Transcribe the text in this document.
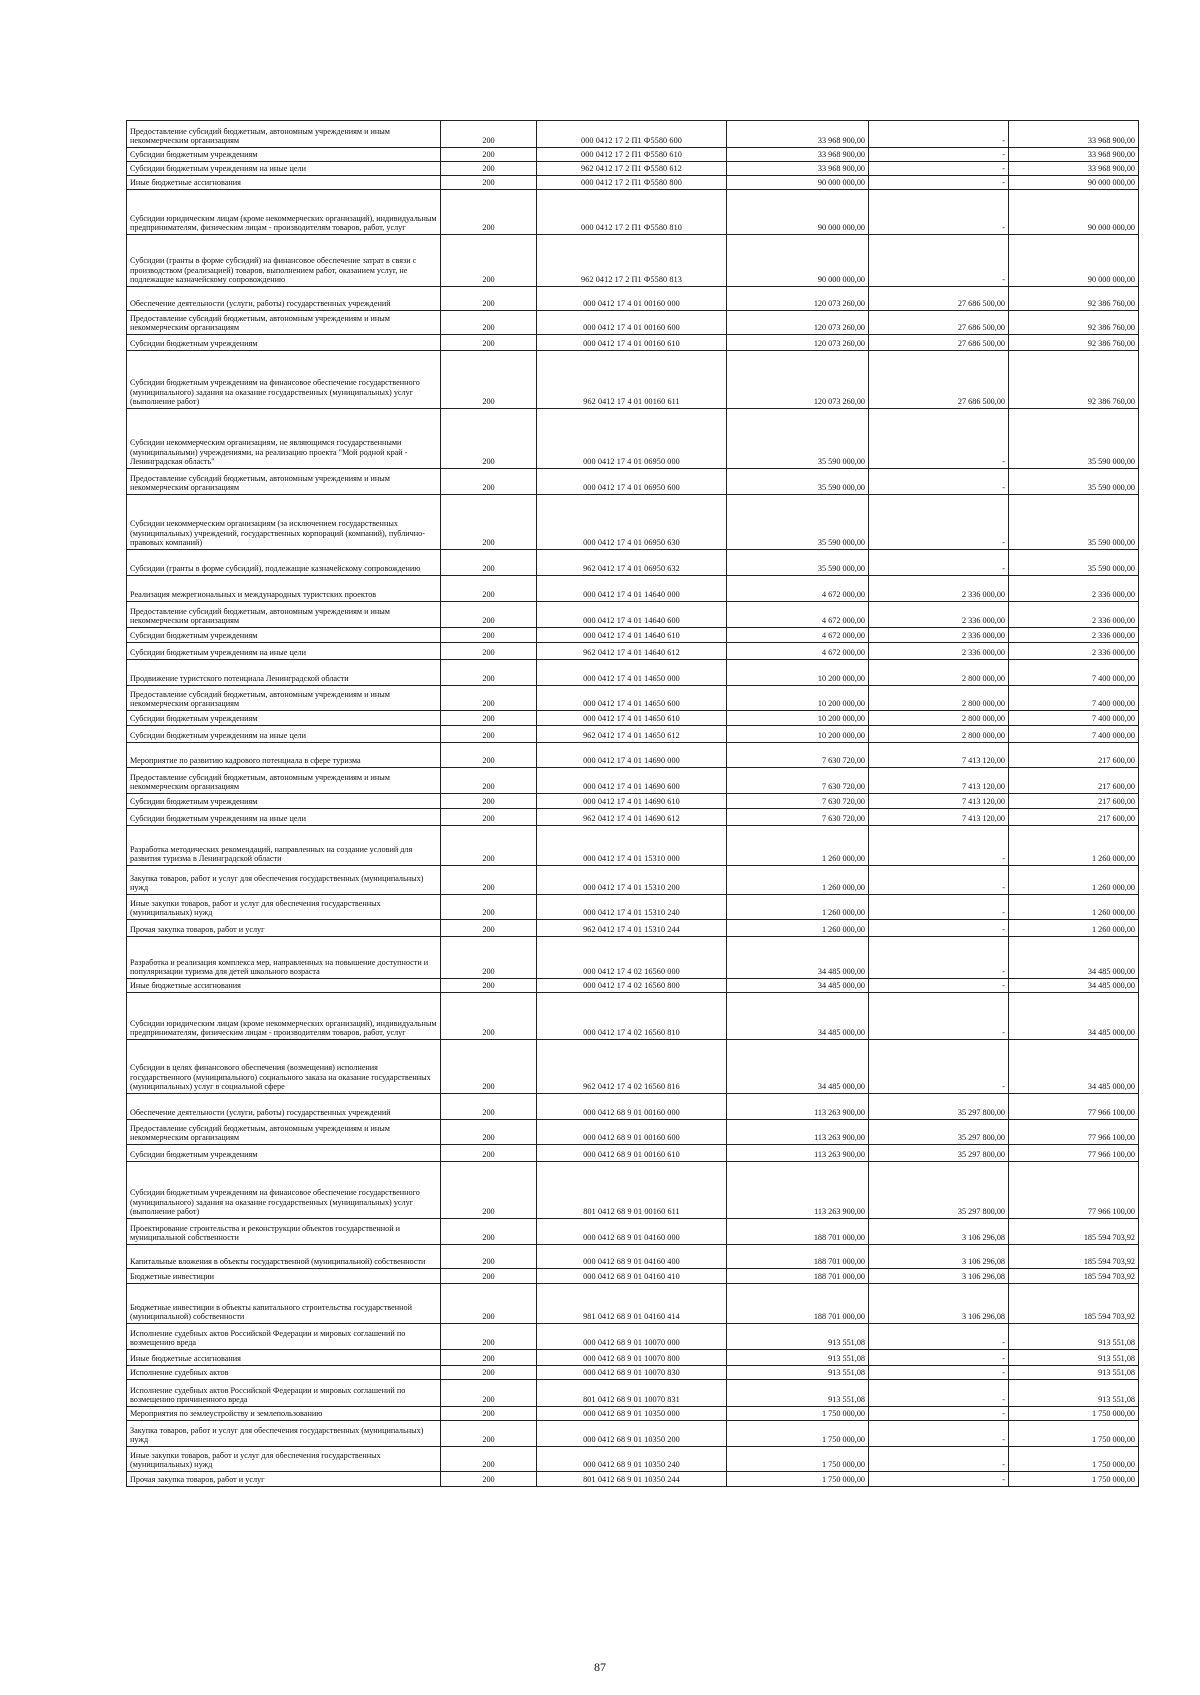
Предоставление субсидий бюджетным, автономным учреждениям и иным некоммерческим организациям	200	000 0412 17 2 П1 Ф5580 600	33 968 900,00	-	33 968 900,00
Субсидии бюджетным учреждениям	200	000 0412 17 2 П1 Ф5580 610	33 968 900,00	-	33 968 900,00
Субсидии бюджетным учреждениям на иные цели	200	962 0412 17 2 П1 Ф5580 612	33 968 900,00	-	33 968 900,00
Иные бюджетные ассигнования	200	000 0412 17 2 П1 Ф5580 800	90 000 000,00	-	90 000 000,00
Субсидии юридическим лицам (кроме некоммерческих организаций), индивидуальным предпринимателям, физическим лицам - производителям товаров, работ, услуг	200	000 0412 17 2 П1 Ф5580 810	90 000 000,00	-	90 000 000,00
Субсидии (гранты в форме субсидий) на финансовое обеспечение затрат в связи с производством (реализацией) товаров, выполнением работ, оказанием услуг, не подлежащие казначейскому сопровождению	200	962 0412 17 2 П1 Ф5580 813	90 000 000,00	-	90 000 000,00
Обеспечение деятельности (услуги, работы) государственных учреждений	200	000 0412 17 4 01 00160 000	120 073 260,00	27 686 500,00	92 386 760,00
Предоставление субсидий бюджетным, автономным учреждениям и иным некоммерческим организациям	200	000 0412 17 4 01 00160 600	120 073 260,00	27 686 500,00	92 386 760,00
Субсидии бюджетным учреждениям	200	000 0412 17 4 01 00160 610	120 073 260,00	27 686 500,00	92 386 760,00
Субсидии бюджетным учреждениям на финансовое обеспечение государственного (муниципального) задания на оказание государственных (муниципальных) услуг (выполнение работ)	200	962 0412 17 4 01 00160 611	120 073 260,00	27 686 500,00	92 386 760,00
Субсидии некоммерческим организациям, не являющимся государственными (муниципальными) учреждениями, на реализацию проекта "Мой родной край - Ленинградская область"	200	000 0412 17 4 01 06950 000	35 590 000,00	-	35 590 000,00
Предоставление субсидий бюджетным, автономным учреждениям и иным некоммерческим организациям	200	000 0412 17 4 01 06950 600	35 590 000,00	-	35 590 000,00
Субсидии некоммерческим организациям (за исключением государственных (муниципальных) учреждений, государственных корпораций (компаний), публично-правовых компаний)	200	000 0412 17 4 01 06950 630	35 590 000,00	-	35 590 000,00
Субсидии (гранты в форме субсидий), подлежащие казначейскому сопровождению	200	962 0412 17 4 01 06950 632	35 590 000,00	-	35 590 000,00
Реализация межрегиональных и международных туристских проектов	200	000 0412 17 4 01 14640 000	4 672 000,00	2 336 000,00	2 336 000,00
Предоставление субсидий бюджетным, автономным учреждениям и иным некоммерческим организациям	200	000 0412 17 4 01 14640 600	4 672 000,00	2 336 000,00	2 336 000,00
Субсидии бюджетным учреждениям	200	000 0412 17 4 01 14640 610	4 672 000,00	2 336 000,00	2 336 000,00
Субсидии бюджетным учреждениям на иные цели	200	962 0412 17 4 01 14640 612	4 672 000,00	2 336 000,00	2 336 000,00
Продвижение туристского потенциала Ленинградской области	200	000 0412 17 4 01 14650 000	10 200 000,00	2 800 000,00	7 400 000,00
Предоставление субсидий бюджетным, автономным учреждениям и иным некоммерческим организациям	200	000 0412 17 4 01 14650 600	10 200 000,00	2 800 000,00	7 400 000,00
Субсидии бюджетным учреждениям	200	000 0412 17 4 01 14650 610	10 200 000,00	2 800 000,00	7 400 000,00
Субсидии бюджетным учреждениям на иные цели	200	962 0412 17 4 01 14650 612	10 200 000,00	2 800 000,00	7 400 000,00
Мероприятие по развитию кадрового потенциала в сфере туризма	200	000 0412 17 4 01 14690 000	7 630 720,00	7 413 120,00	217 600,00
Предоставление субсидий бюджетным, автономным учреждениям и иным некоммерческим организациям	200	000 0412 17 4 01 14690 600	7 630 720,00	7 413 120,00	217 600,00
Субсидии бюджетным учреждениям	200	000 0412 17 4 01 14690 610	7 630 720,00	7 413 120,00	217 600,00
Субсидии бюджетным учреждениям на иные цели	200	962 0412 17 4 01 14690 612	7 630 720,00	7 413 120,00	217 600,00
Разработка методических рекомендаций, направленных на создание условий для развития туризма в Ленинградской области	200	000 0412 17 4 01 15310 000	1 260 000,00	-	1 260 000,00
Закупка товаров, работ и услуг для обеспечения государственных (муниципальных) нужд	200	000 0412 17 4 01 15310 200	1 260 000,00	-	1 260 000,00
Иные закупки товаров, работ и услуг для обеспечения государственных (муниципальных) нужд	200	000 0412 17 4 01 15310 240	1 260 000,00	-	1 260 000,00
Прочая закупка товаров, работ и услуг	200	962 0412 17 4 01 15310 244	1 260 000,00	-	1 260 000,00
Разработка и реализация комплекса мер, направленных на повышение доступности и популяризации туризма для детей школьного возраста	200	000 0412 17 4 02 16560 000	34 485 000,00	-	34 485 000,00
Иные бюджетные ассигнования	200	000 0412 17 4 02 16560 800	34 485 000,00	-	34 485 000,00
Субсидии юридическим лицам (кроме некоммерческих организаций), индивидуальным предпринимателям, физическим лицам - производителям товаров, работ, услуг	200	000 0412 17 4 02 16560 810	34 485 000,00	-	34 485 000,00
Субсидии в целях финансового обеспечения (возмещения) исполнения государственного (муниципального) социального заказа на оказание государственных (муниципальных) услуг в социальной сфере	200	962 0412 17 4 02 16560 816	34 485 000,00	-	34 485 000,00
Обеспечение деятельности (услуги, работы) государственных учреждений	200	000 0412 68 9 01 00160 000	113 263 900,00	35 297 800,00	77 966 100,00
Предоставление субсидий бюджетным, автономным учреждениям и иным некоммерческим организациям	200	000 0412 68 9 01 00160 600	113 263 900,00	35 297 800,00	77 966 100,00
Субсидии бюджетным учреждениям	200	000 0412 68 9 01 00160 610	113 263 900,00	35 297 800,00	77 966 100,00
Субсидии бюджетным учреждениям на финансовое обеспечение государственного (муниципального) задания на оказание государственных (муниципальных) услуг (выполнение работ)	200	801 0412 68 9 01 00160 611	113 263 900,00	35 297 800,00	77 966 100,00
Проектирование строительства и реконструкции объектов государственной и муниципальной собственности	200	000 0412 68 9 01 04160 000	188 701 000,00	3 106 296,08	185 594 703,92
Капитальные вложения в объекты государственной (муниципальной) собственности	200	000 0412 68 9 01 04160 400	188 701 000,00	3 106 296,08	185 594 703,92
Бюджетные инвестиции	200	000 0412 68 9 01 04160 410	188 701 000,00	3 106 296,08	185 594 703,92
Бюджетные инвестиции в объекты капитального строительства государственной (муниципальной) собственности	200	981 0412 68 9 01 04160 414	188 701 000,00	3 106 296,08	185 594 703,92
Исполнение судебных актов Российской Федерации и мировых соглашений по возмещению вреда	200	000 0412 68 9 01 10070 000	913 551,08	-	913 551,08
Иные бюджетные ассигнования	200	000 0412 68 9 01 10070 800	913 551,08	-	913 551,08
Исполнение судебных актов	200	000 0412 68 9 01 10070 830	913 551,08	-	913 551,08
Исполнение судебных актов Российской Федерации и мировых соглашений по возмещению причиненного вреда	200	801 0412 68 9 01 10070 831	913 551,08	-	913 551,08
Мероприятия по землеустройству и землепользованию	200	000 0412 68 9 01 10350 000	1 750 000,00	-	1 750 000,00
Закупка товаров, работ и услуг для обеспечения государственных (муниципальных) нужд	200	000 0412 68 9 01 10350 200	1 750 000,00	-	1 750 000,00
Иные закупки товаров, работ и услуг для обеспечения государственных (муниципальных) нужд	200	000 0412 68 9 01 10350 240	1 750 000,00	-	1 750 000,00
Прочая закупка товаров, работ и услуг	200	801 0412 68 9 01 10350 244	1 750 000,00	-	1 750 000,00
87
